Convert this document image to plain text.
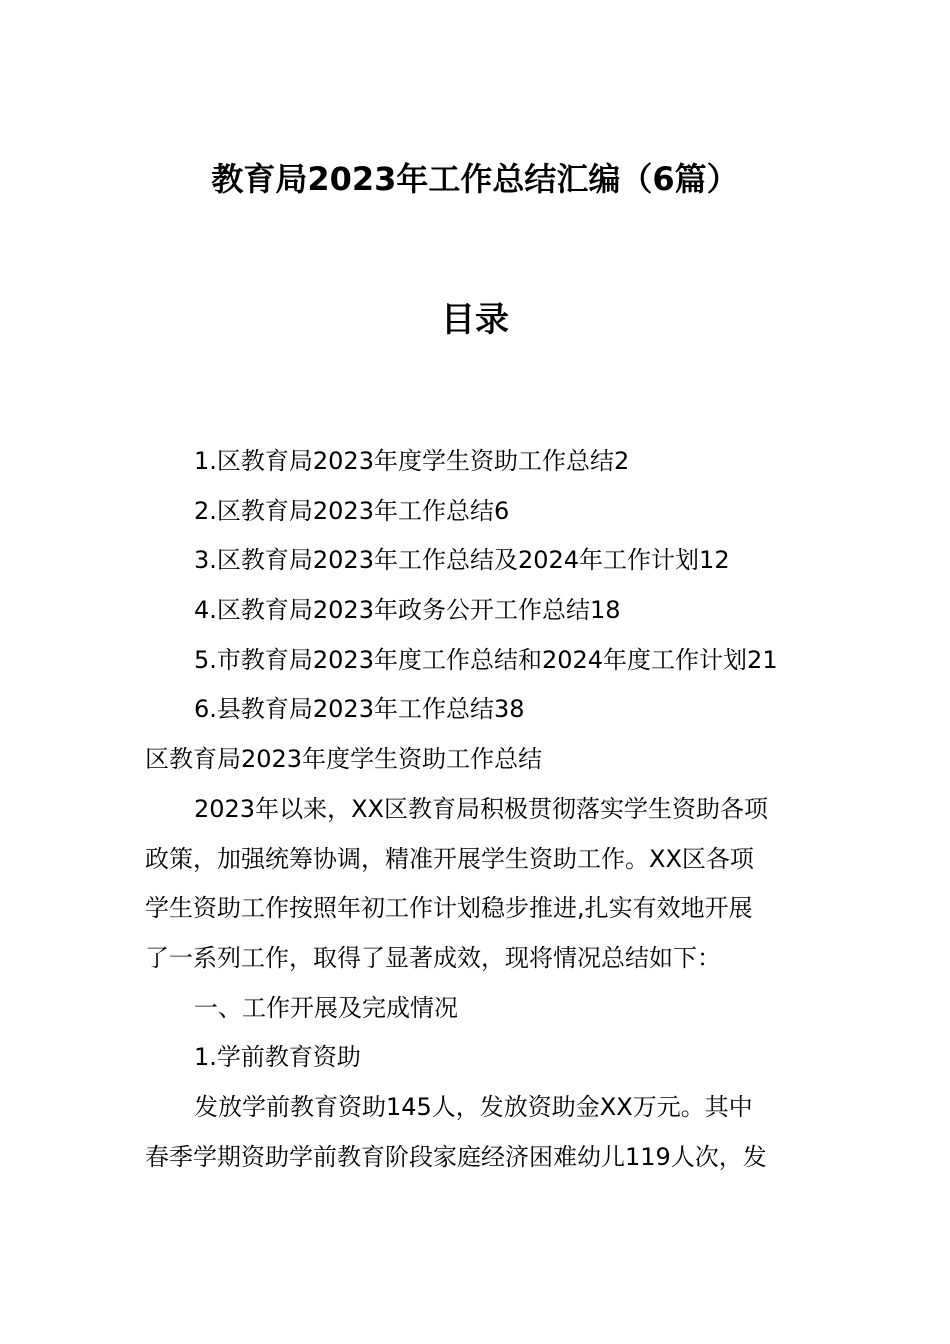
教育局2023年工作总结汇编（6篇）
目录
1.区教育局2023年度学生资助工作总结2
2.区教育局2023年工作总结6
3.区教育局2023年工作总结及2024年工作计划12
4.区教育局2023年政务公开工作总结18
5.市教育局2023年度工作总结和2024年度工作计划21
6.县教育局2023年工作总结38
区教育局2023年度学生资助工作总结
2023年以来，XX区教育局积极贯彻落实学生资助各项
政策，加强统筹协调，精准开展学生资助工作。XX区各项
学生资助工作按照年初工作计划稳步推进,扎实有效地开展
了一系列工作，取得了显著成效，现将情况总结如下：
一、工作开展及完成情况
1.学前教育资助
发放学前教育资助145人，发放资助金XX万元。其中
春季学期资助学前教育阶段家庭经济困难幼儿119人次，发
